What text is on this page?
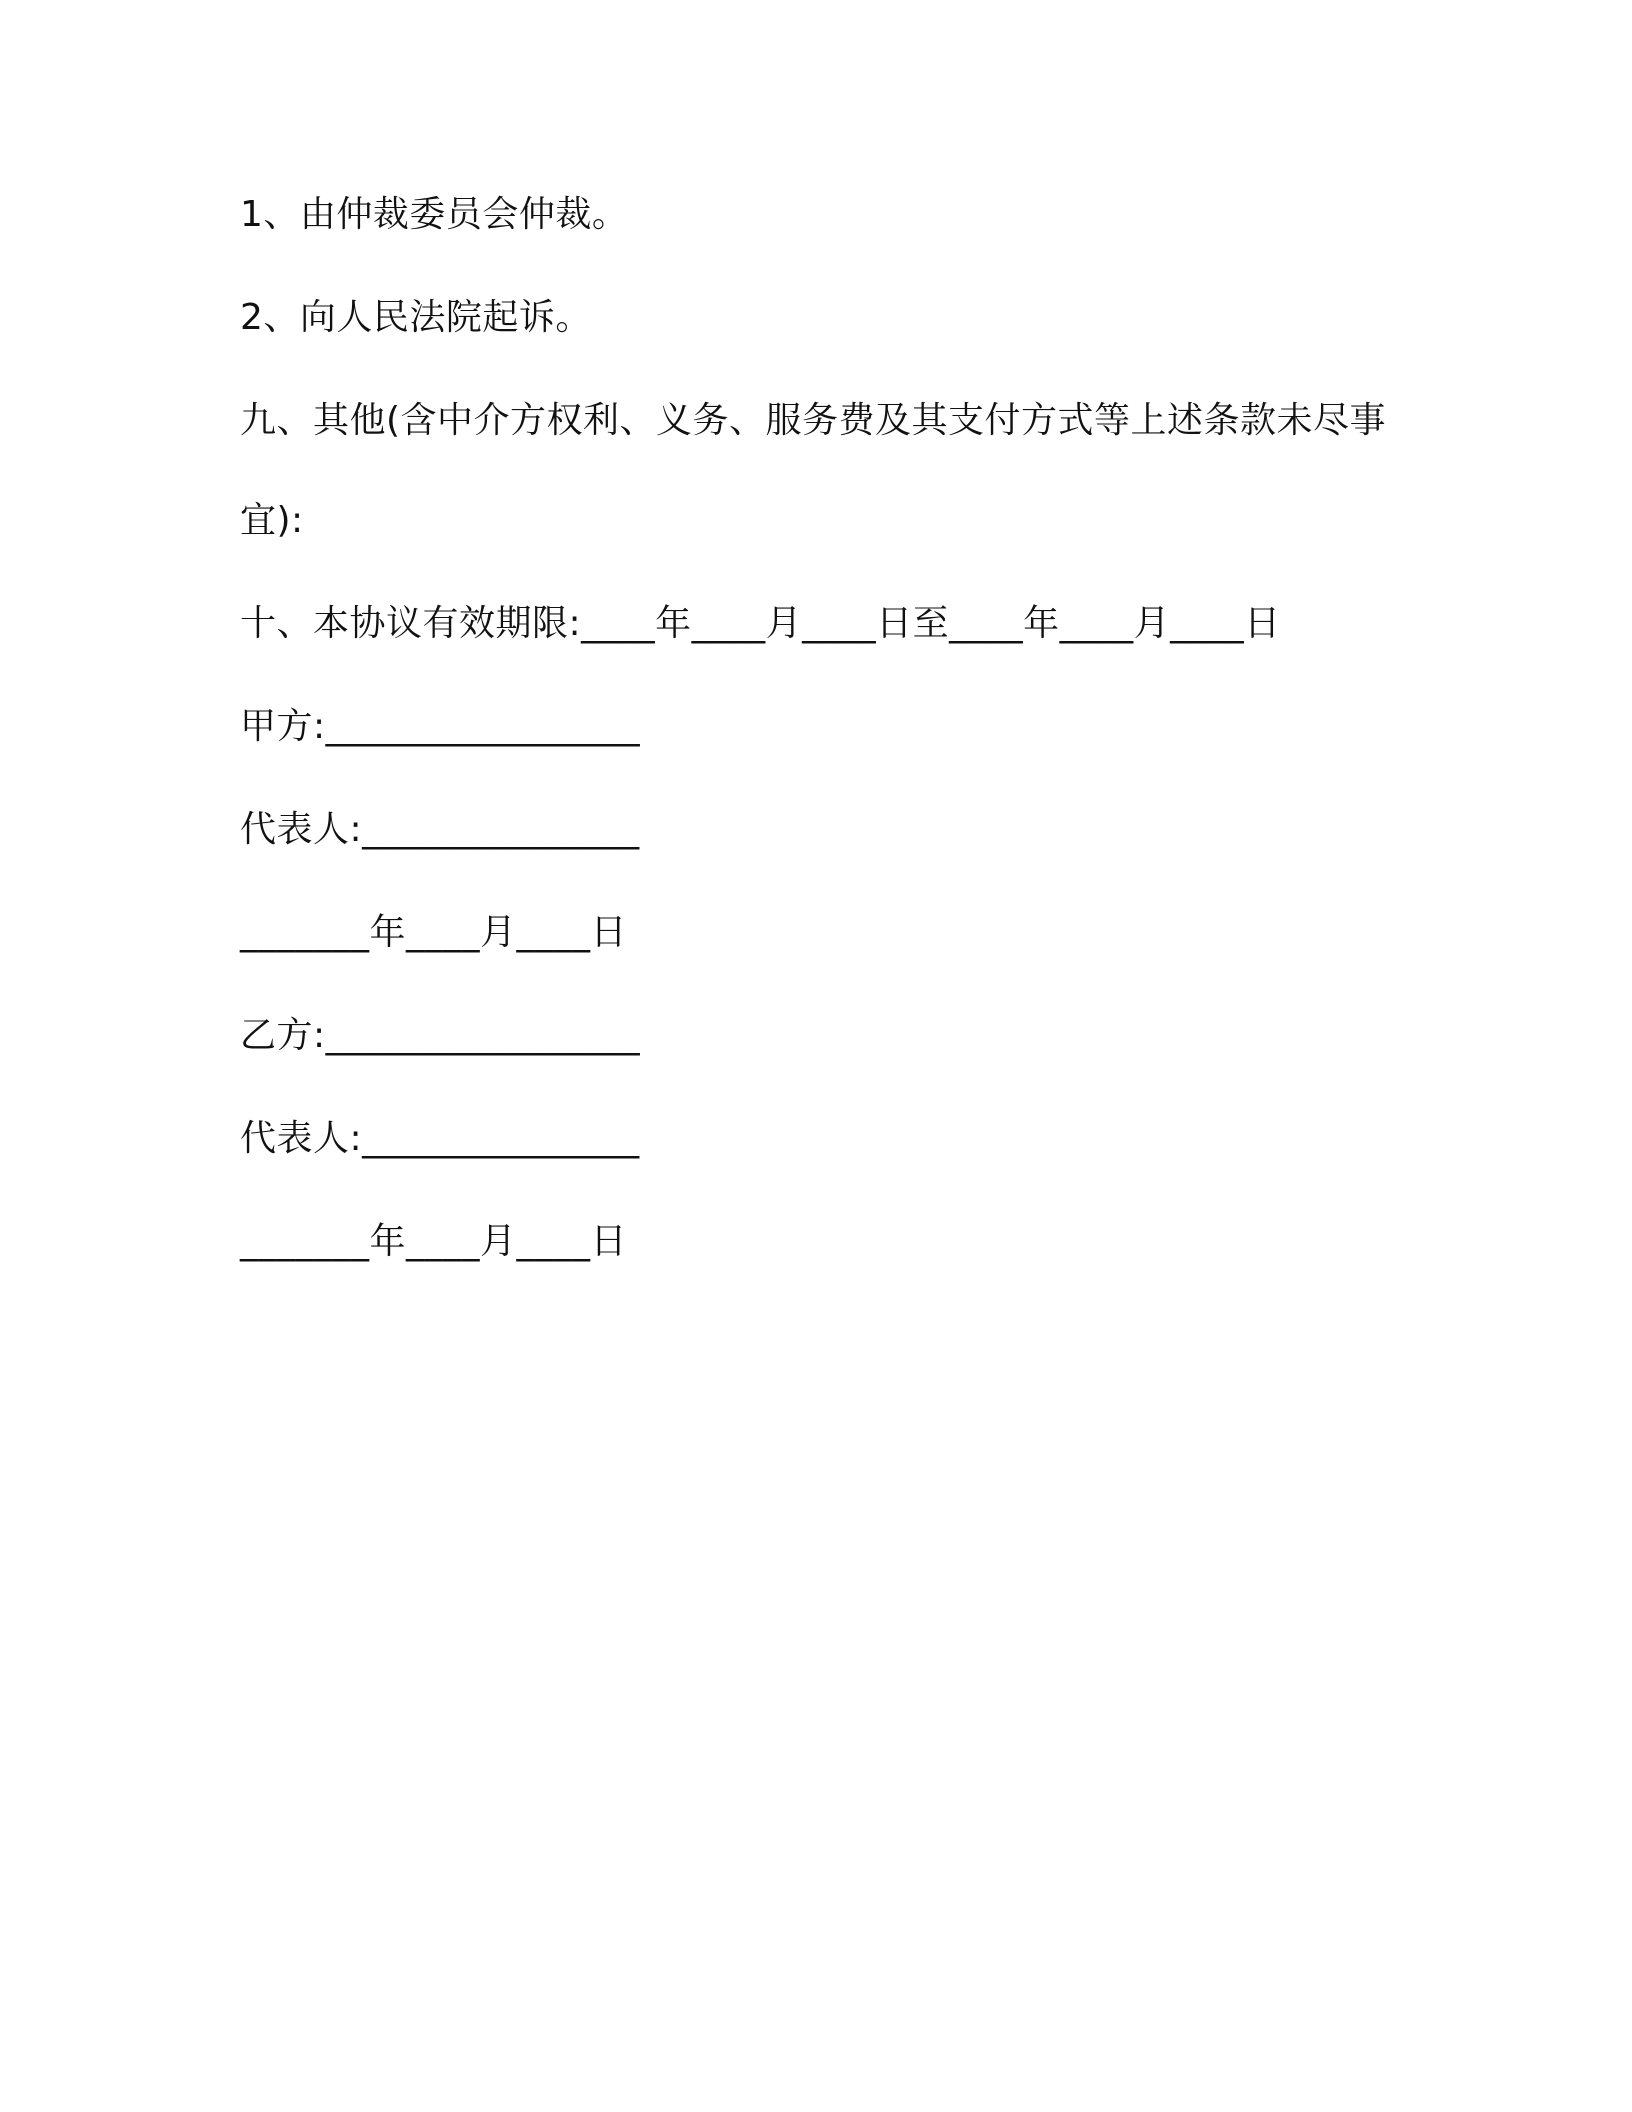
1、由仲裁委员会仲裁。

2、向人民法院起诉。

九、其他(含中介方权利、义务、服务费及其支付方式等上述条款未尽事宜):

十、本协议有效期限:____年____月____日至____年____月____日

甲方:_________________

代表人:_______________

_______年____月____日

乙方:_________________

代表人:_______________

_______年____月____日
